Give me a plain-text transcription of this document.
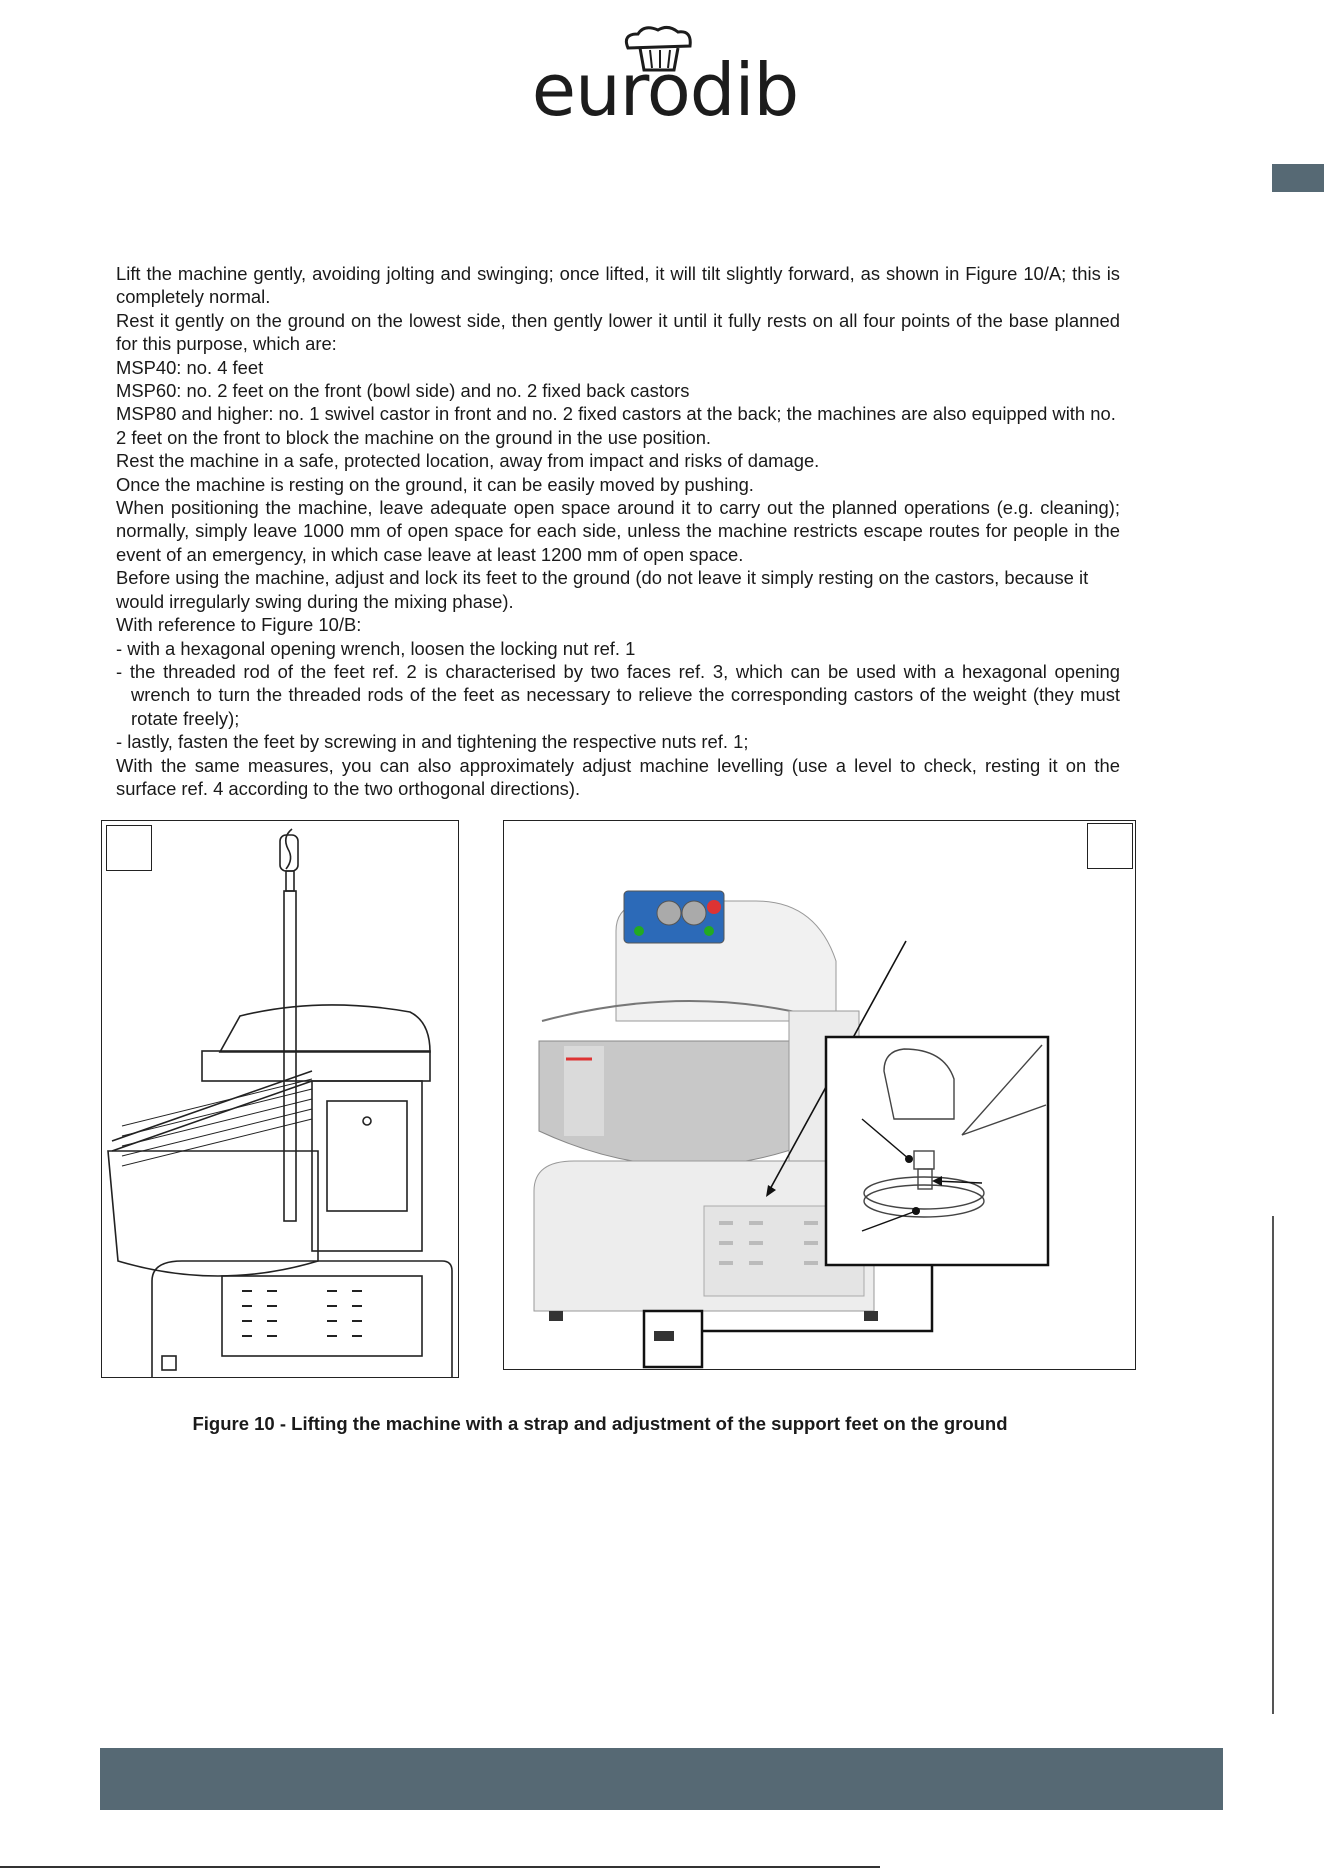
eurodib

Lift the machine gently, avoiding jolting and swinging; once lifted, it will tilt slightly forward, as shown in Figure 10/A; this is completely normal.

Rest it gently on the ground on the lowest side, then gently lower it until it fully rests on all four points of the base planned for this purpose, which are:

MSP40: no. 4 feet

MSP60: no. 2 feet on the front (bowl side) and no. 2 fixed back castors

MSP80 and higher: no. 1 swivel castor in front and no. 2 fixed castors at the back; the machines are also equipped with no. 2 feet on the front to block the machine on the ground in the use position.

Rest the machine in a safe, protected location, away from impact and risks of damage.

Once the machine is resting on the ground, it can be easily moved by pushing.

When positioning the machine, leave adequate open space around it to carry out the planned operations (e.g. cleaning); normally, simply leave 1000 mm of open space for each side, unless the machine restricts escape routes for people in the event of an emergency, in which case leave at least 1200 mm of open space.

Before using the machine, adjust and lock its feet to the ground (do not leave it simply resting on the castors, because it would irregularly swing during the mixing phase).

With reference to Figure 10/B:

- with a hexagonal opening wrench, loosen the locking nut ref. 1

- the threaded rod of the feet ref. 2 is characterised by two faces ref. 3, which can be used with a hexagonal opening wrench to turn the threaded rods of the feet as necessary to relieve the corresponding castors of the weight (they must rotate freely);

- lastly, fasten the feet by screwing in and tightening the respective nuts ref. 1;

With the same measures, you can also approximately adjust machine levelling (use a level to check, resting it on the surface ref. 4 according to the two orthogonal directions).

Figure 10 - Lifting the machine with a strap and adjustment of the support feet on the ground
